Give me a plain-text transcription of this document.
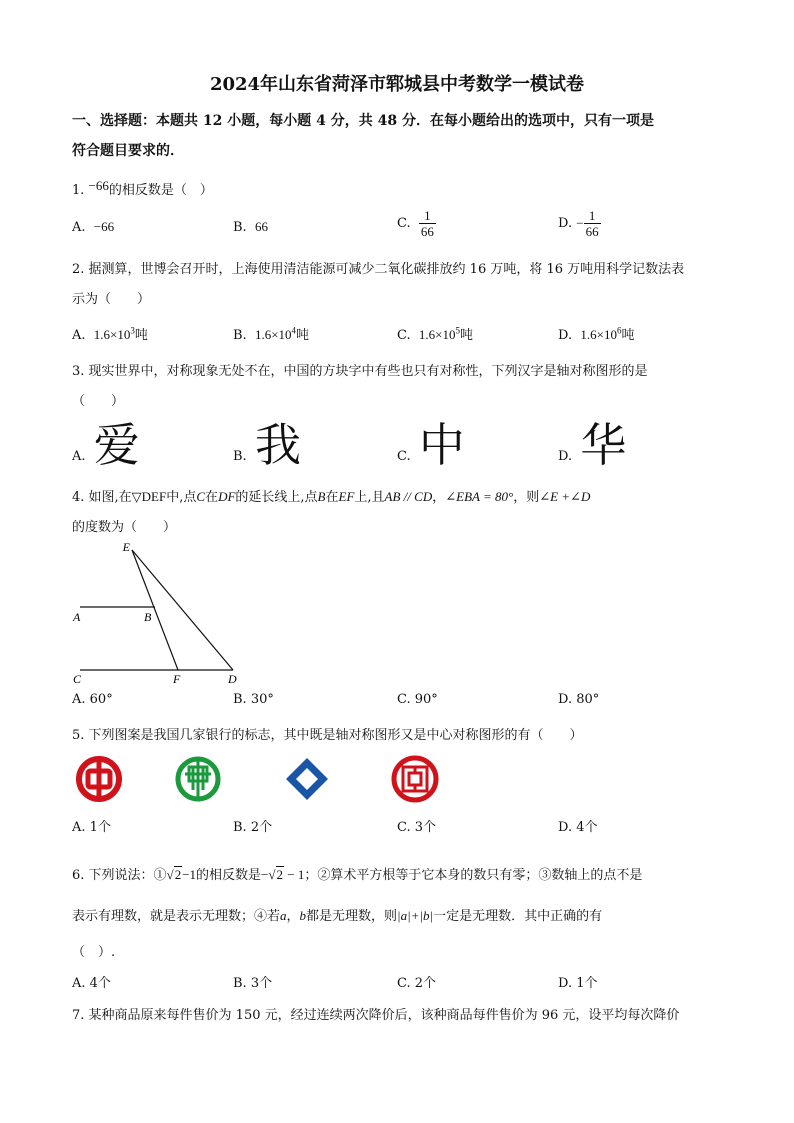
2024年山东省菏泽市郓城县中考数学一模试卷
一、选择题：本题共 12 小题，每小题 4 分，共 48 分．在每小题给出的选项中，只有一项是
符合题目要求的．
1. −66的相反数是（　）
A. −66	B. 66	C. $\frac{1}{66}$	D. − $\frac{1}{66}$
2. 据测算，世博会召开时，上海使用清洁能源可减少二氧化碳排放约 16 万吨，将 16 万吨用科学记数法表
示为（　　）
A. $1.6\times 10^3$吨	B. $1.6\times 10^4$吨	C. $1.6\times 10^5$吨	D. $1.6\times 10^6$吨
3. 现实世界中，对称现象无处不在，中国的方块字中有些也只有对称性，下列汉字是轴对称图形的是
（　　）
A. 爱	B. 我	C. 中	D. 华
4. 如图,在▽DEF中,点C在DF的延长线上,点B在EF上,且AB // CD，∠EBA = 80°，则∠E +∠D
的度数为（　　）
E
A	B
C	F	D
A. 60°	B. 30°	C. 90°	D. 80°
5. 下列图案是我国几家银行的标志，其中既是轴对称图形又是中心对称图形的有（　　）
A. 1个	B. 2个	C. 3个	D. 4个
6. 下列说法：①√2−1的相反数是−√2 − 1；②算术平方根等于它本身的数只有零；③数轴上的点不是
表示有理数，就是表示无理数；④若a，b都是无理数，则|a|+|b|一定是无理数．其中正确的有
（　）.
A. 4个	B. 3个	C. 2个	D. 1个
7. 某种商品原来每件售价为 150 元，经过连续两次降价后，该种商品每件售价为 96 元，设平均每次降价
